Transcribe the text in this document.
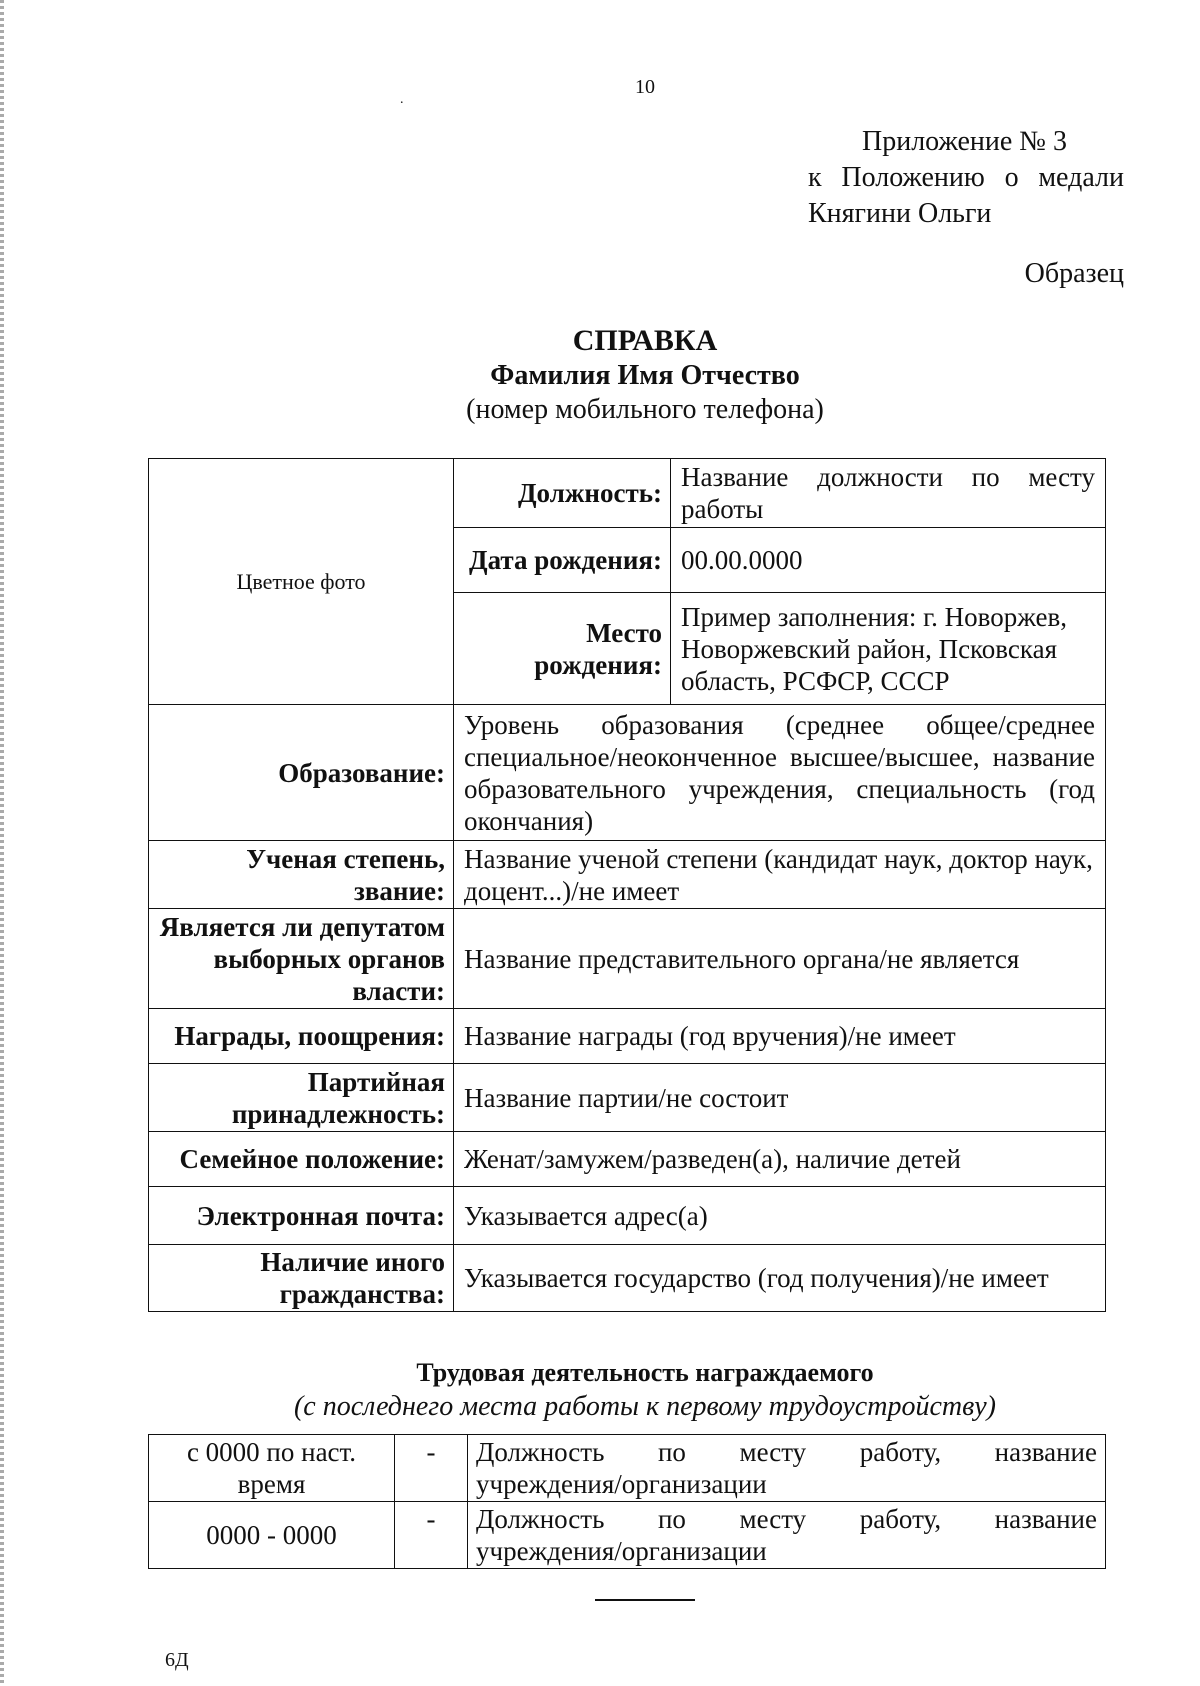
10
.
Приложение № 3
к Положению о медали
Княгини Ольги
Образец
СПРАВКА
Фамилия Имя Отчество
(номер мобильного телефона)
Цветное фото	Должность:	Название должности по месту работы
	Дата рождения:	00.00.0000
	Место рождения:	Пример заполнения: г. Новоржев, Новоржевский район, Псковская область, РСФСР, СССР
Образование:	Уровень образования (среднее общее/среднее специальное/неоконченное высшее/высшее, название образовательного учреждения, специальность (год окончания)	
Ученая степень, звание:	Название ученой степени (кандидат наук, доктор наук, доцент...)/не имеет	
Является ли депутатом выборных органов власти:	Название представительного органа/не является	
Награды, поощрения:	Название награды (год вручения)/не имеет	
Партийная принадлежность:	Название партии/не состоит	
Семейное положение:	Женат/замужем/разведен(а), наличие детей	
Электронная почта:	Указывается адрес(а)	
Наличие иного гражданства:	Указывается государство (год получения)/не имеет	
Трудовая деятельность награждаемого
(с последнего места работы к первому трудоустройству)
с 0000 по наст. время	-	Должность по месту работу, название
учреждения/организации

0000 - 0000	-	Должность по месту работу, название
учреждения/организации
6Д
